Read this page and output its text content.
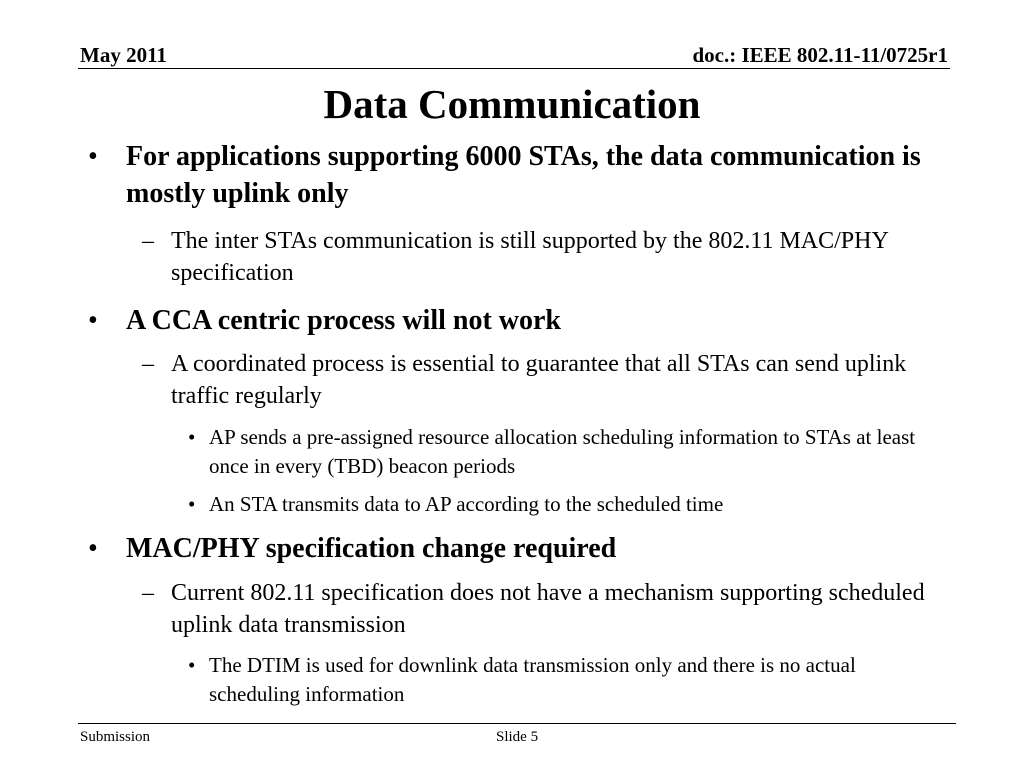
May 2011	doc.: IEEE 802.11-11/0725r1
Data Communication
• For applications supporting 6000 STAs, the data communication is mostly uplink only
– The inter STAs communication is still supported by the 802.11 MAC/PHY specification
• A CCA centric process will not work
– A coordinated process is essential to guarantee that all STAs can send uplink traffic regularly
• AP sends a pre-assigned resource allocation scheduling information to STAs at least once in every (TBD) beacon periods
• An STA transmits data to AP according to the scheduled time
• MAC/PHY specification change required
– Current 802.11 specification does not have a mechanism supporting scheduled uplink data transmission
• The DTIM is used for downlink data transmission only and there is no actual scheduling information
Submission	Slide 5
